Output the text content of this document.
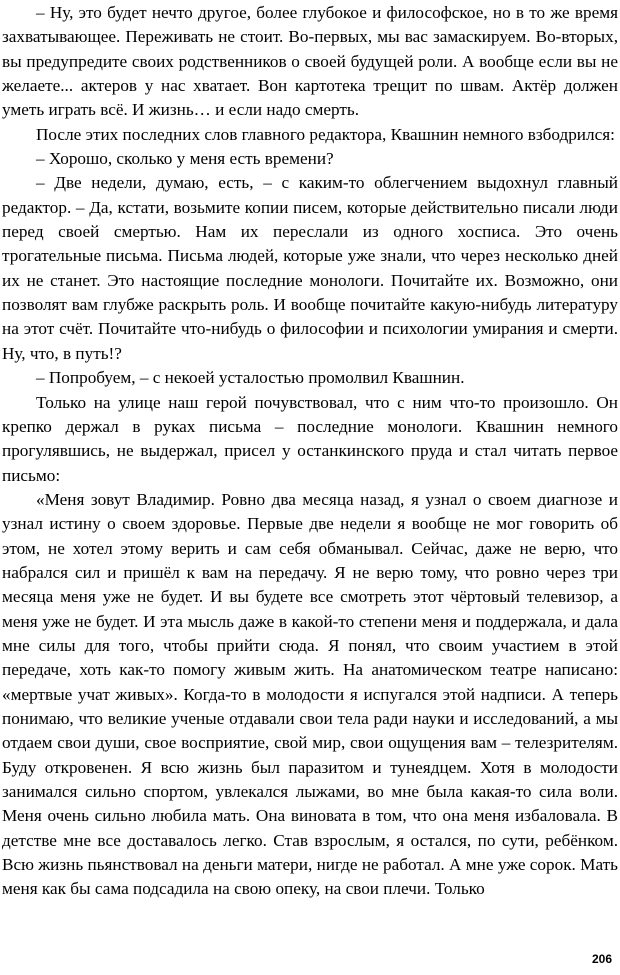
– Ну, это будет нечто другое, более глубокое и философское, но в то же время захватывающее. Переживать не стоит. Во-первых, мы вас замаскируем. Во-вторых, вы предупредите своих родственников о своей будущей роли. А вообще если вы не желаете... актеров у нас хватает. Вон картотека трещит по швам. Актёр должен уметь играть всё. И жизнь… и если надо смерть.

После этих последних слов главного редактора, Квашнин немного взбодрился:

– Хорошо, сколько у меня есть времени?

– Две недели, думаю, есть, – с каким-то облегчением выдохнул главный редактор. – Да, кстати, возьмите копии писем, которые действительно писали люди перед своей смертью. Нам их переслали из одного хосписа. Это очень трогательные письма. Письма людей, которые уже знали, что через несколько дней их не станет. Это настоящие последние монологи. Почитайте их. Возможно, они позволят вам глубже раскрыть роль. И вообще почитайте какую-нибудь литературу на этот счёт. Почитайте что-нибудь о философии и психологии умирания и смерти. Ну, что, в путь!?

– Попробуем, – с некоей усталостью промолвил Квашнин.

Только на улице наш герой почувствовал, что с ним что-то произошло. Он крепко держал в руках письма – последние монологи. Квашнин немного прогулявшись, не выдержал, присел у останкинского пруда и стал читать первое письмо:

«Меня зовут Владимир. Ровно два месяца назад, я узнал о своем диагнозе и узнал истину о своем здоровье. Первые две недели я вообще не мог говорить об этом, не хотел этому верить и сам себя обманывал. Сейчас, даже не верю, что набрался сил и пришёл к вам на передачу. Я не верю тому, что ровно через три месяца меня уже не будет. И вы будете все смотреть этот чёртовый телевизор, а меня уже не будет. И эта мысль даже в какой-то степени меня и поддержала, и дала мне силы для того, чтобы прийти сюда. Я понял, что своим участием в этой передаче, хоть как-то помогу живым жить. На анатомическом театре написано: «мертвые учат живых». Когда-то в молодости я испугался этой надписи. А теперь понимаю, что великие ученые отдавали свои тела ради науки и исследований, а мы отдаем свои души, свое восприятие, свой мир, свои ощущения вам – телезрителям. Буду откровенен. Я всю жизнь был паразитом и тунеядцем. Хотя в молодости занимался сильно спортом, увлекался лыжами, во мне была какая-то сила воли. Меня очень сильно любила мать. Она виновата в том, что она меня избаловала. В детстве мне все доставалось легко. Став взрослым, я остался, по сути, ребёнком. Всю жизнь пьянствовал на деньги матери, нигде не работал. А мне уже сорок. Мать меня как бы сама подсадила на свою опеку, на свои плечи. Только

206
